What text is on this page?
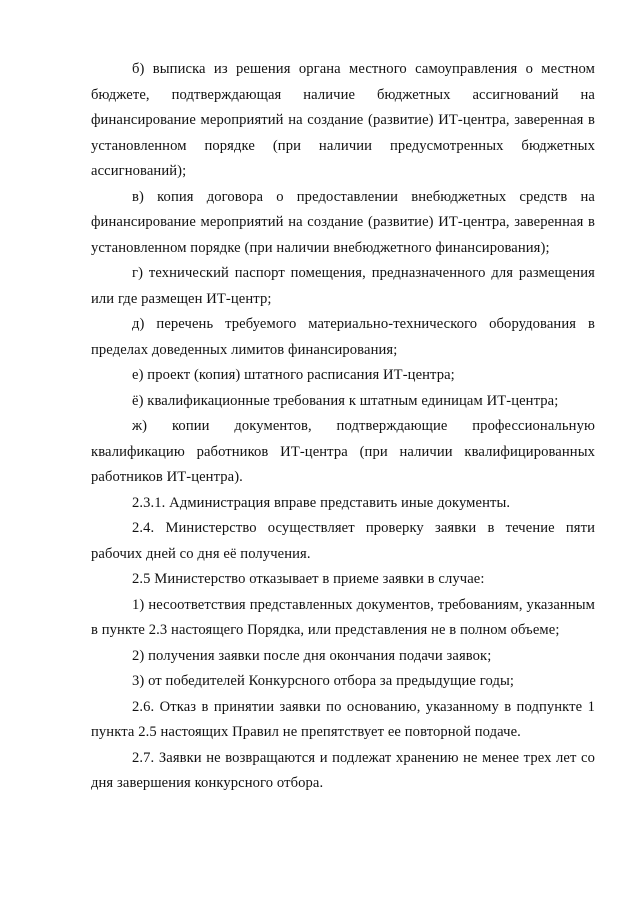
б) выписка из решения органа местного самоуправления о местном бюджете, подтверждающая наличие бюджетных ассигнований на финансирование мероприятий на создание (развитие) ИТ-центра, заверенная в установленном порядке (при наличии предусмотренных бюджетных ассигнований);

в) копия договора о предоставлении внебюджетных средств на финансирование мероприятий на создание (развитие) ИТ-центра, заверенная в установленном порядке (при наличии внебюджетного финансирования);

г) технический паспорт помещения, предназначенного для размещения или где размещен ИТ-центр;

д) перечень требуемого материально-технического оборудования в пределах доведенных лимитов финансирования;

е) проект (копия) штатного расписания ИТ-центра;

ё) квалификационные требования к штатным единицам ИТ-центра;

ж) копии документов, подтверждающие профессиональную квалификацию работников ИТ-центра (при наличии квалифицированных работников ИТ-центра).

2.3.1. Администрация вправе представить иные документы.

2.4. Министерство осуществляет проверку заявки в течение пяти рабочих дней со дня её получения.

2.5 Министерство отказывает в приеме заявки в случае:

1) несоответствия представленных документов, требованиям, указанным в пункте 2.3 настоящего Порядка, или представления не в полном объеме;

2) получения заявки после дня окончания подачи заявок;

3) от победителей Конкурсного отбора за предыдущие годы;

2.6. Отказ в принятии заявки по основанию, указанному в подпункте 1 пункта 2.5 настоящих Правил не препятствует ее повторной подаче.

2.7. Заявки не возвращаются и подлежат хранению не менее трех лет со дня завершения конкурсного отбора.
